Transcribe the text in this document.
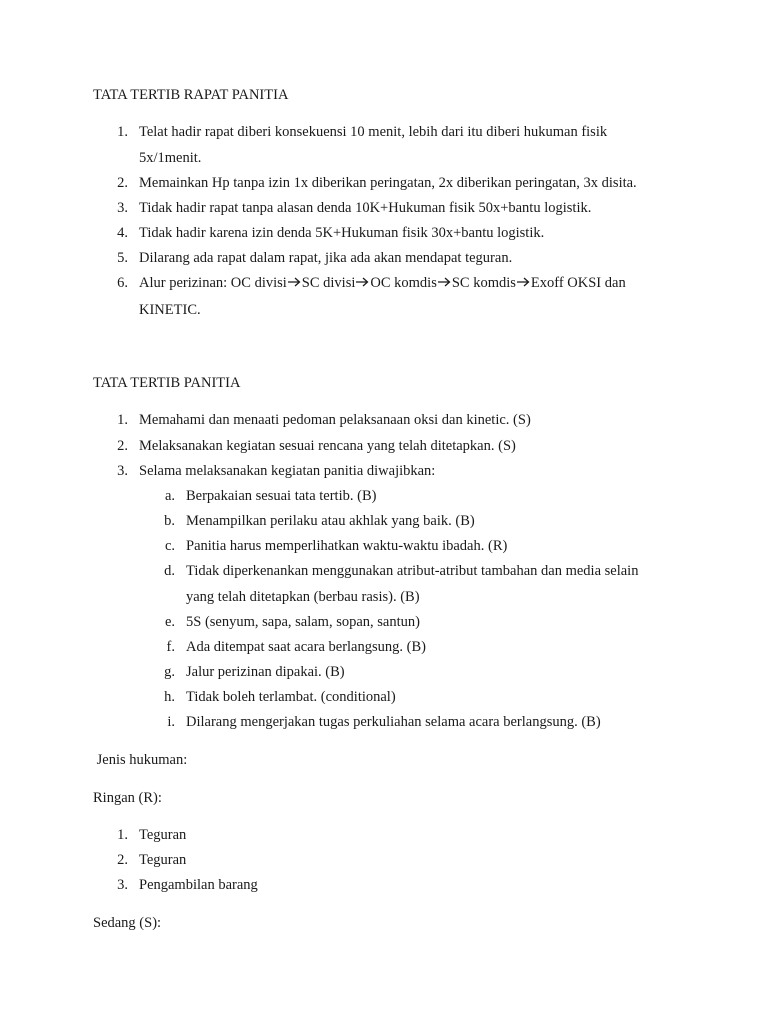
TATA TERTIB RAPAT PANITIA
1. Telat hadir rapat diberi konsekuensi 10 menit, lebih dari itu diberi hukuman fisik
5x/1menit.
2. Memainkan Hp tanpa izin 1x diberikan peringatan, 2x diberikan peringatan, 3x disita.
3. Tidak hadir rapat tanpa alasan denda 10K+Hukuman fisik 50x+bantu logistik.
4. Tidak hadir karena izin denda 5K+Hukuman fisik 30x+bantu logistik.
5. Dilarang ada rapat dalam rapat, jika ada akan mendapat teguran.
6. Alur perizinan: OC divisi SC divisi OC komdis SC komdis Exoff OKSI dan
KINETIC.
TATA TERTIB PANITIA
1. Memahami dan menaati pedoman pelaksanaan oksi dan kinetic. (S)
2. Melaksanakan kegiatan sesuai rencana yang telah ditetapkan. (S)
3. Selama melaksanakan kegiatan panitia diwajibkan:
a. Berpakaian sesuai tata tertib. (B)
b. Menampilkan perilaku atau akhlak yang baik. (B)
c. Panitia harus memperlihatkan waktu-waktu ibadah. (R)
d. Tidak diperkenankan menggunakan atribut-atribut tambahan dan media selain
yang telah ditetapkan (berbau rasis). (B)
e. 5S (senyum, sapa, salam, sopan, santun)
f. Ada ditempat saat acara berlangsung. (B)
g. Jalur perizinan dipakai. (B)
h. Tidak boleh terlambat. (conditional)
i. Dilarang mengerjakan tugas perkuliahan selama acara berlangsung. (B)
Jenis hukuman:
Ringan (R):
1. Teguran
2. Teguran
3. Pengambilan barang
Sedang (S):
